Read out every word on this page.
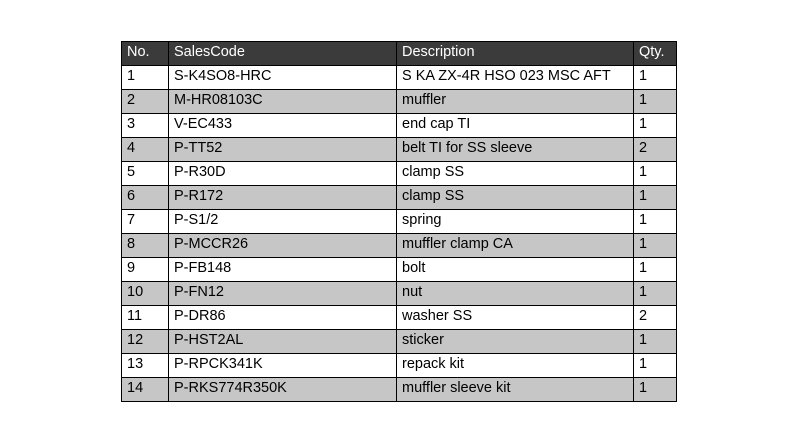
No.	SalesCode	Description	Qty.
1	S-K4SO8-HRC	S KA ZX-4R HSO 023 MSC AFT	1
2	M-HR08103C	muffler	1
3	V-EC433	end cap TI	1
4	P-TT52	belt TI for SS sleeve	2
5	P-R30D	clamp SS	1
6	P-R172	clamp SS	1
7	P-S1/2	spring	1
8	P-MCCR26	muffler clamp CA	1
9	P-FB148	bolt	1
10	P-FN12	nut	1
11	P-DR86	washer SS	2
12	P-HST2AL	sticker	1
13	P-RPCK341K	repack kit	1
14	P-RKS774R350K	muffler sleeve kit	1
